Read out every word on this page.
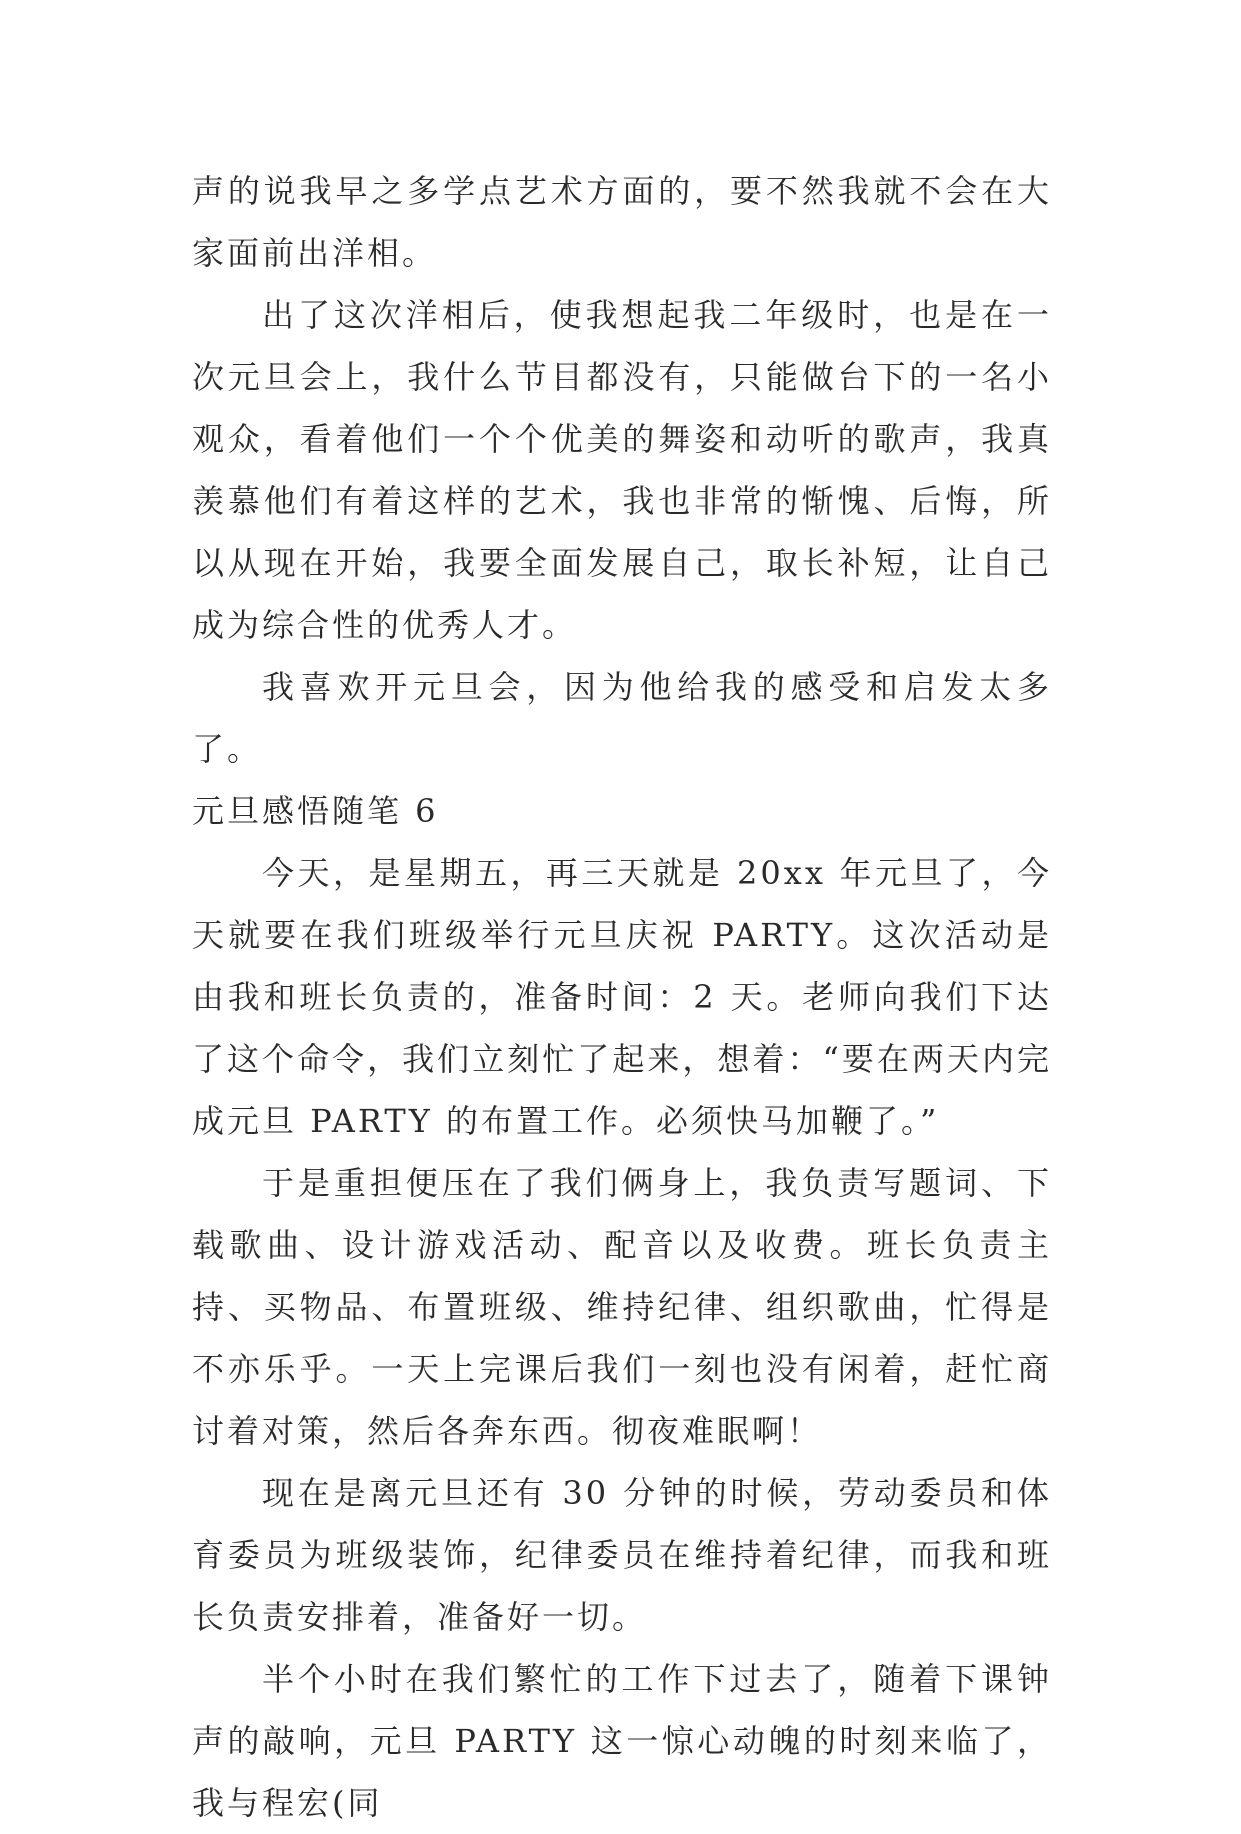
声的说我早之多学点艺术方面的，要不然我就不会在大家面前出洋相。

出了这次洋相后，使我想起我二年级时，也是在一次元旦会上，我什么节目都没有，只能做台下的一名小观众，看着他们一个个优美的舞姿和动听的歌声，我真羡慕他们有着这样的艺术，我也非常的惭愧、后悔，所以从现在开始，我要全面发展自己，取长补短，让自己成为综合性的优秀人才。

我喜欢开元旦会，因为他给我的感受和启发太多了。

元旦感悟随笔 6

今天，是星期五，再三天就是 20xx 年元旦了，今天就要在我们班级举行元旦庆祝 PARTY。这次活动是由我和班长负责的，准备时间：2 天。老师向我们下达了这个命令，我们立刻忙了起来，想着：“要在两天内完成元旦 PARTY 的布置工作。必须快马加鞭了。”

于是重担便压在了我们俩身上，我负责写题词、下载歌曲、设计游戏活动、配音以及收费。班长负责主持、买物品、布置班级、维持纪律、组织歌曲，忙得是不亦乐乎。一天上完课后我们一刻也没有闲着，赶忙商讨着对策，然后各奔东西。彻夜难眠啊！

现在是离元旦还有 30 分钟的时候，劳动委员和体育委员为班级装饰，纪律委员在维持着纪律，而我和班长负责安排着，准备好一切。

半个小时在我们繁忙的工作下过去了，随着下课钟声的敲响，元旦 PARTY 这一惊心动魄的时刻来临了，我与程宏(同
